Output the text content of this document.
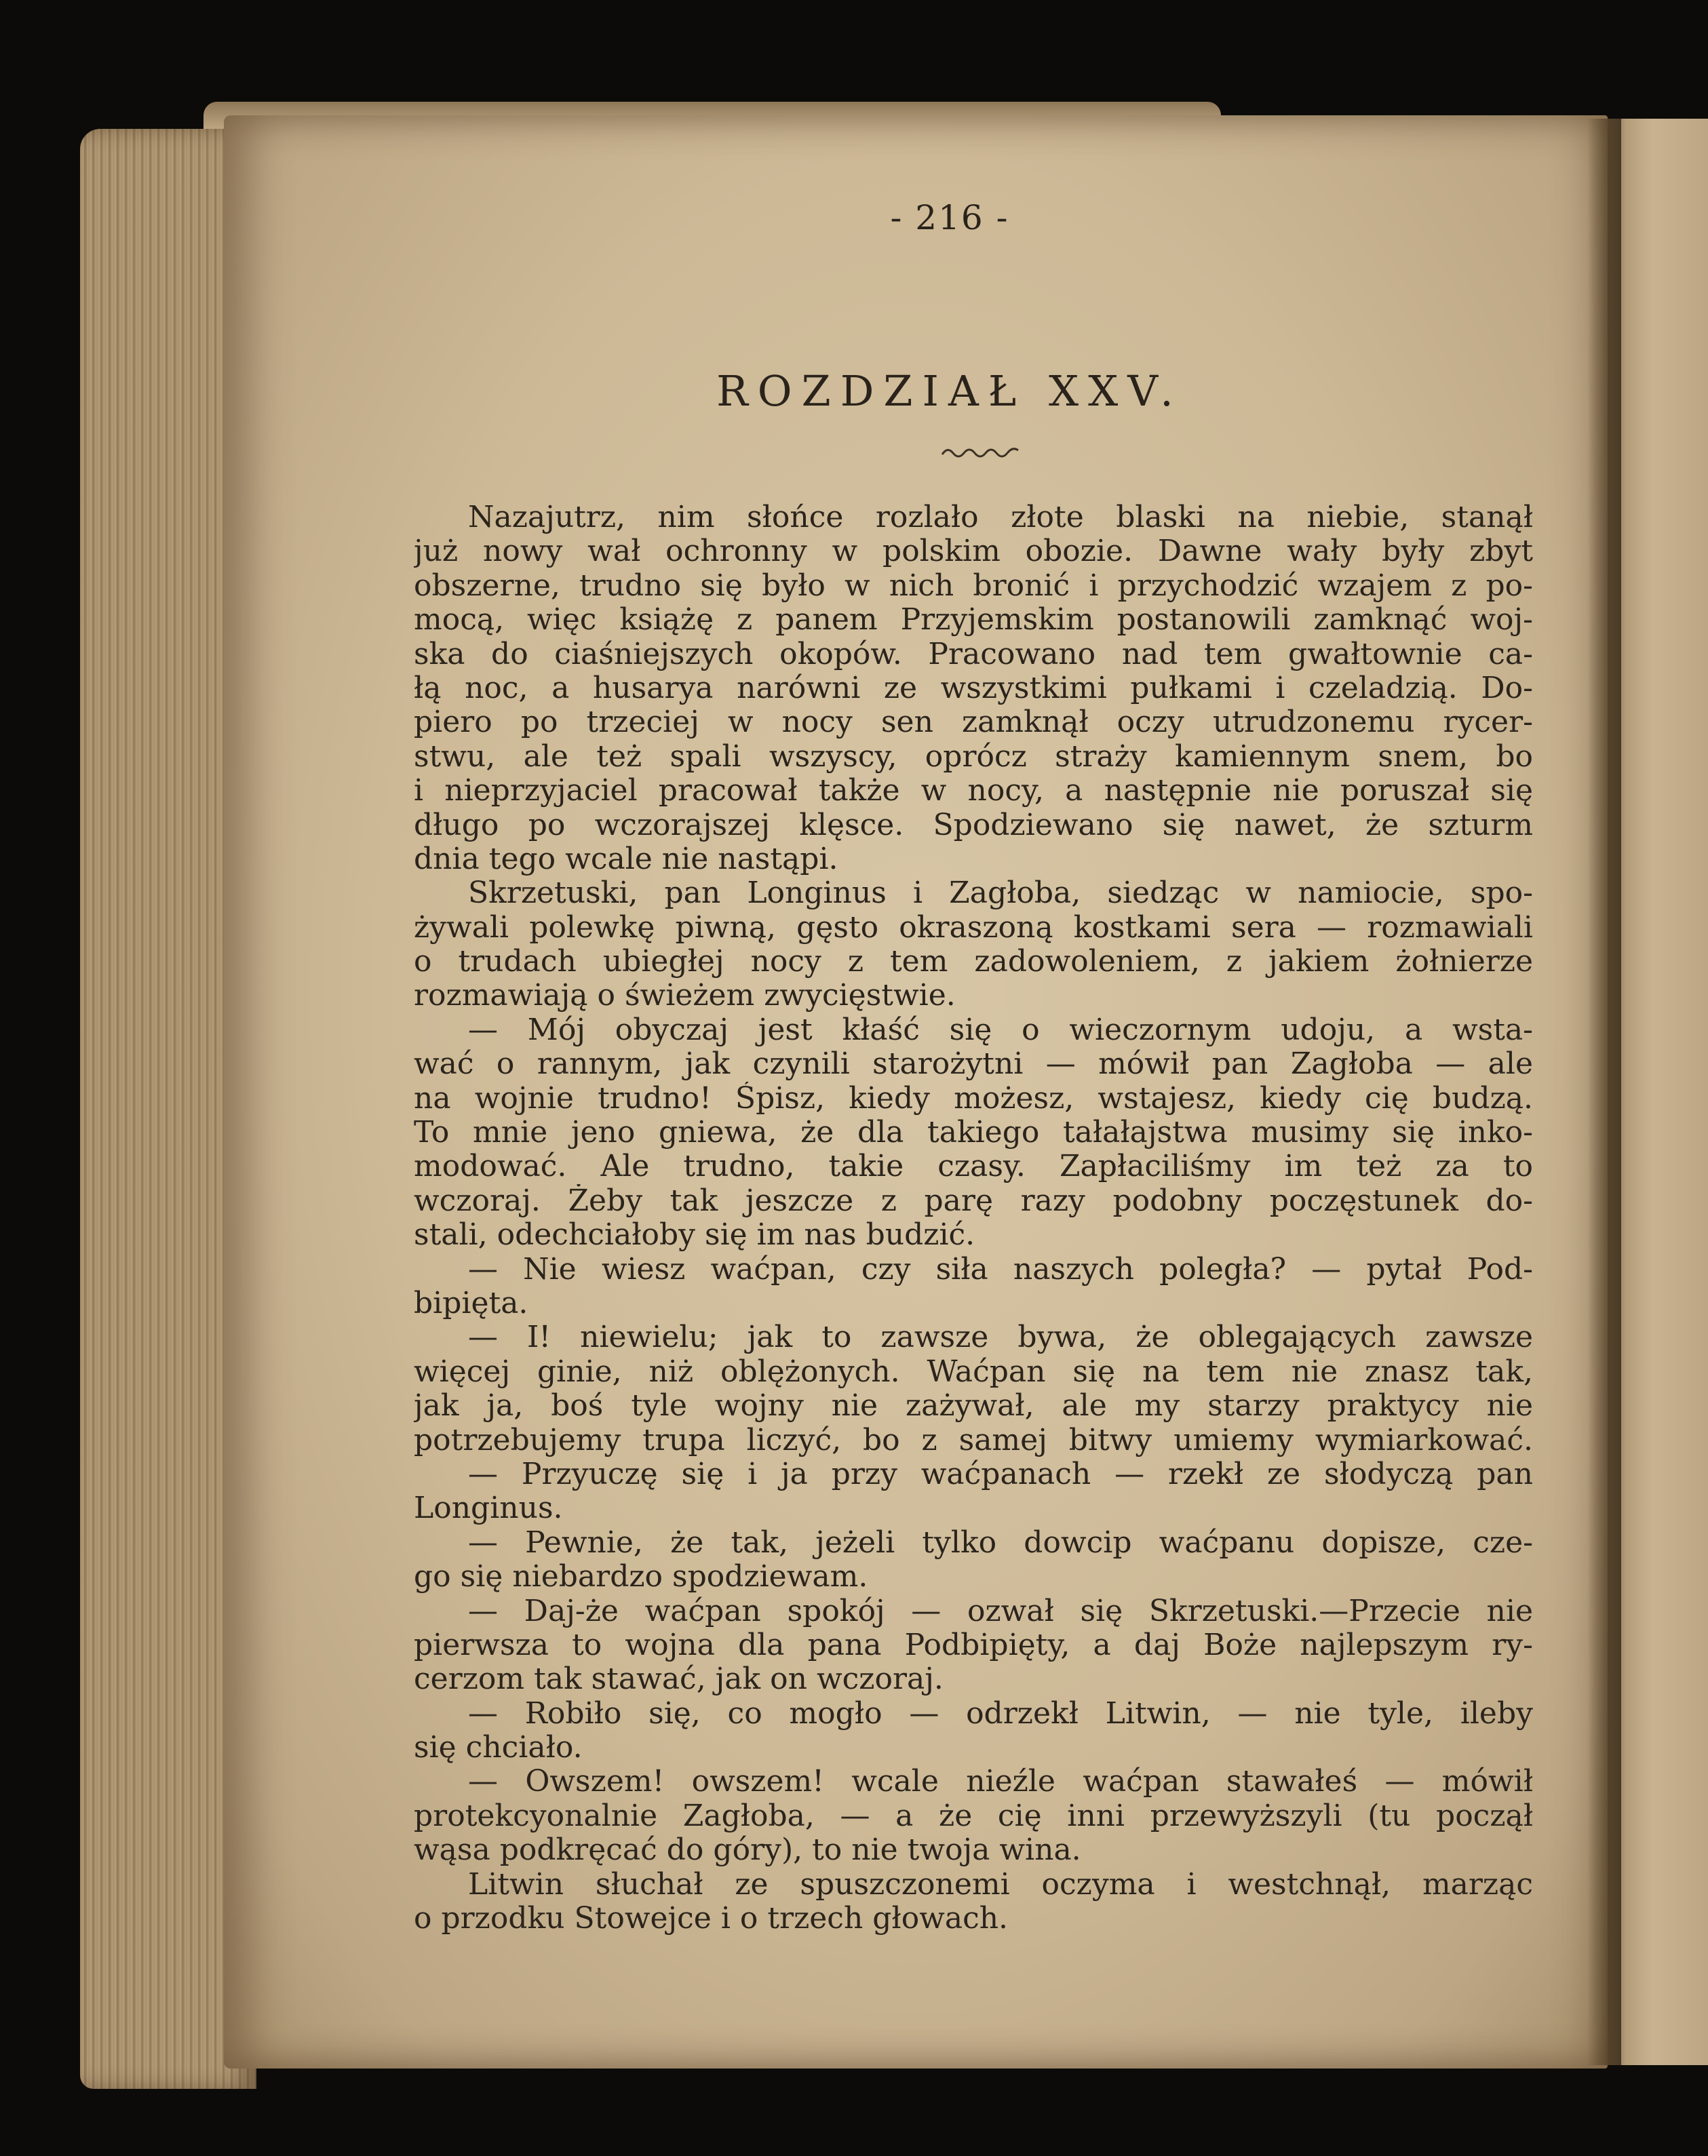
- 216 -
ROZDZIAŁ XXV.
Nazajutrz, nim słońce rozlało złote blaski na niebie, stanął
już nowy wał ochronny w polskim obozie. Dawne wały były zbyt
obszerne, trudno się było w nich bronić i przychodzić wzajem z po-
mocą, więc książę z panem Przyjemskim postanowili zamknąć woj-
ska do ciaśniejszych okopów. Pracowano nad tem gwałtownie ca-
łą noc, a husarya narówni ze wszystkimi pułkami i czeladzią. Do-
piero po trzeciej w nocy sen zamknął oczy utrudzonemu rycer-
stwu, ale też spali wszyscy, oprócz straży kamiennym snem, bo
i nieprzyjaciel pracował także w nocy, a następnie nie poruszał się
długo po wczorajszej klęsce. Spodziewano się nawet, że szturm
dnia tego wcale nie nastąpi.
Skrzetuski, pan Longinus i Zagłoba, siedząc w namiocie, spo-
żywali polewkę piwną, gęsto okraszoną kostkami sera — rozmawiali
o trudach ubiegłej nocy z tem zadowoleniem, z jakiem żołnierze
rozmawiają o świeżem zwycięstwie.
— Mój obyczaj jest kłaść się o wieczornym udoju, a wsta-
wać o rannym, jak czynili starożytni — mówił pan Zagłoba — ale
na wojnie trudno! Śpisz, kiedy możesz, wstajesz, kiedy cię budzą.
To mnie jeno gniewa, że dla takiego tałałajstwa musimy się inko-
modować. Ale trudno, takie czasy. Zapłaciliśmy im też za to
wczoraj. Żeby tak jeszcze z parę razy podobny poczęstunek do-
stali, odechciałoby się im nas budzić.
— Nie wiesz waćpan, czy siła naszych poległa? — pytał Pod-
bipięta.
— I! niewielu; jak to zawsze bywa, że oblegających zawsze
więcej ginie, niż oblężonych. Waćpan się na tem nie znasz tak,
jak ja, boś tyle wojny nie zażywał, ale my starzy praktycy nie
potrzebujemy trupa liczyć, bo z samej bitwy umiemy wymiarkować.
— Przyuczę się i ja przy waćpanach — rzekł ze słodyczą pan
Longinus.
— Pewnie, że tak, jeżeli tylko dowcip waćpanu dopisze, cze-
go się niebardzo spodziewam.
— Daj-że waćpan spokój — ozwał się Skrzetuski.—Przecie nie
pierwsza to wojna dla pana Podbipięty, a daj Boże najlepszym ry-
cerzom tak stawać, jak on wczoraj.
— Robiło się, co mogło — odrzekł Litwin, — nie tyle, ileby
się chciało.
— Owszem! owszem! wcale nieźle waćpan stawałeś — mówił
protekcyonalnie Zagłoba, — a że cię inni przewyższyli (tu począł
wąsa podkręcać do góry), to nie twoja wina.
Litwin słuchał ze spuszczonemi oczyma i westchnął, marząc
o przodku Stowejce i o trzech głowach.
